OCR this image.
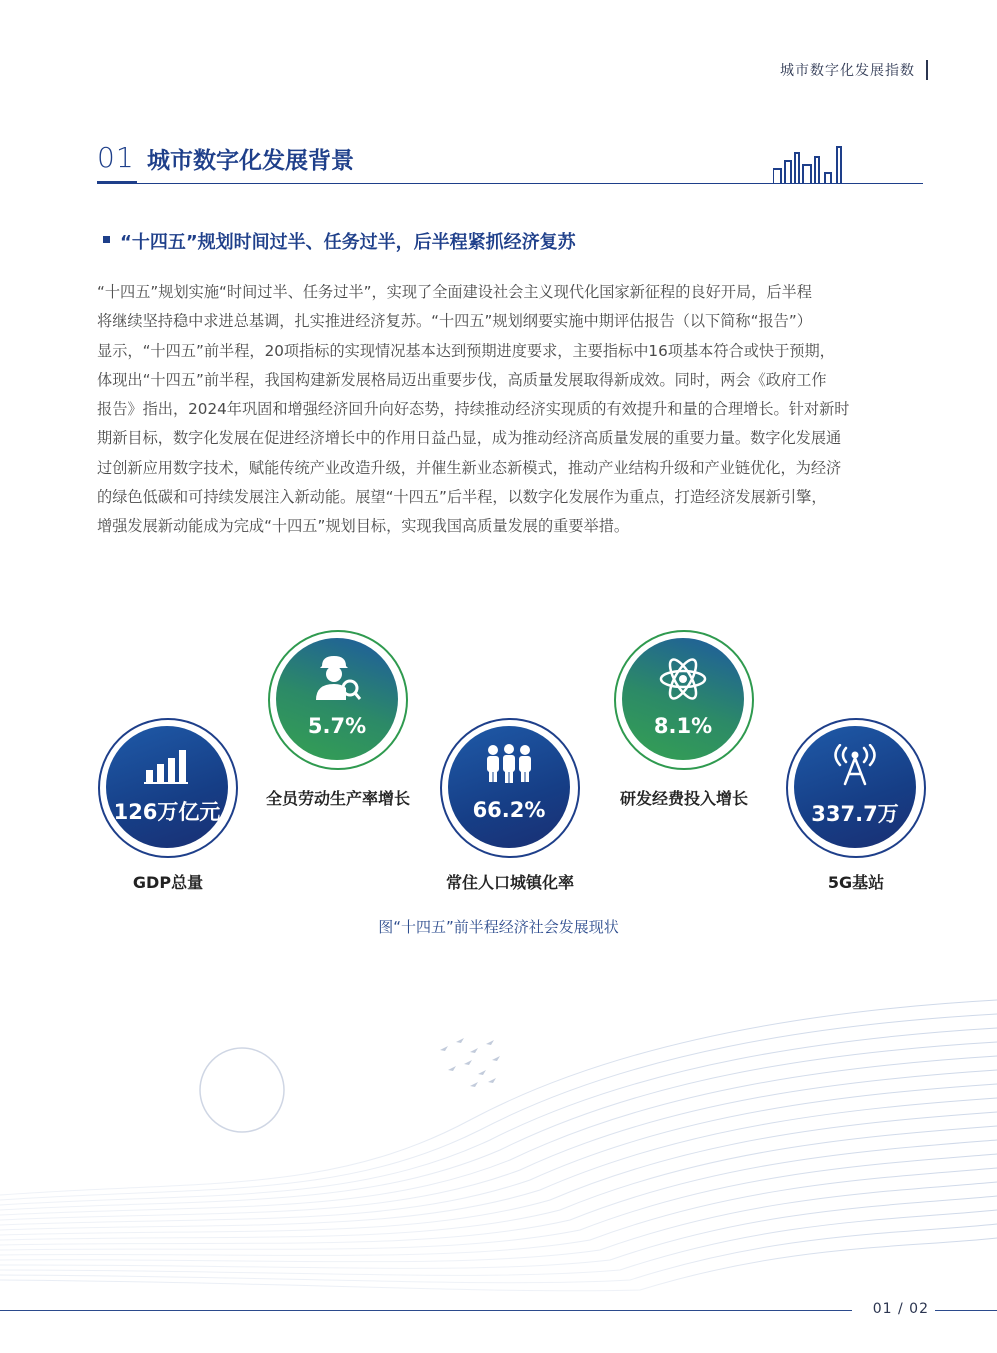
城市数字化发展指数
01 城市数字化发展背景
“十四五”规划时间过半、任务过半，后半程紧抓经济复苏

“十四五”规划实施“时间过半、任务过半”，实现了全面建设社会主义现代化国家新征程的良好开局，后半程

将继续坚持稳中求进总基调，扎实推进经济复苏。“十四五”规划纲要实施中期评估报告（以下简称“报告”）

显示，“十四五”前半程，20项指标的实现情况基本达到预期进度要求，主要指标中16项基本符合或快于预期，

体现出“十四五”前半程，我国构建新发展格局迈出重要步伐，高质量发展取得新成效。同时，两会《政府工作

报告》指出，2024年巩固和增强经济回升向好态势，持续推动经济实现质的有效提升和量的合理增长。针对新时

期新目标，数字化发展在促进经济增长中的作用日益凸显，成为推动经济高质量发展的重要力量。数字化发展通

过创新应用数字技术，赋能传统产业改造升级，并催生新业态新模式，推动产业结构升级和产业链优化，为经济

的绿色低碳和可持续发展注入新动能。展望“十四五”后半程，以数字化发展作为重点，打造经济发展新引擎，

增强发展新动能成为完成“十四五”规划目标，实现我国高质量发展的重要举措。

126万亿元
GDP总量
5.7%
全员劳动生产率增长	66.2%
常住人口城镇化率
8.1%
研发经费投入增长
337.7万
5G基站
图“十四五”前半程经济社会发展现状
01 / 02
